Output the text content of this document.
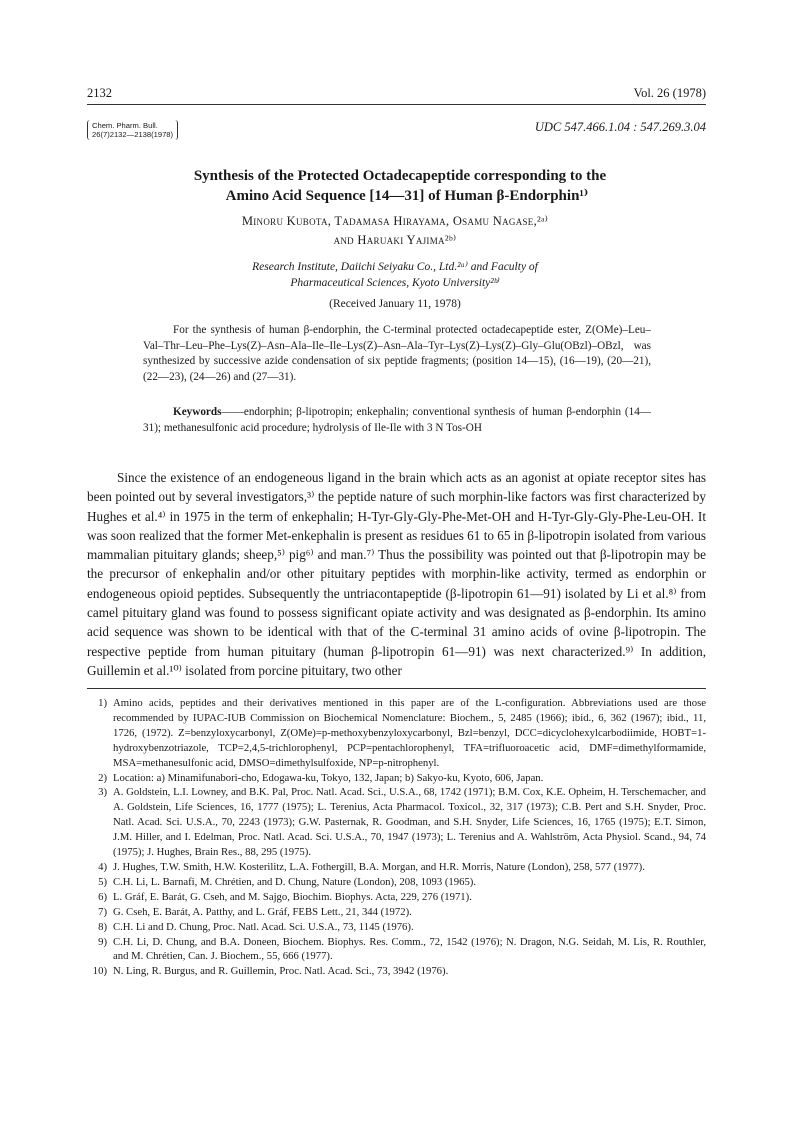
2132	Vol. 26 (1978)
Chem. Pharm. Bull.
26(7)2132—2138(1978)
UDC 547.466.1.04 : 547.269.3.04
Synthesis of the Protected Octadecapeptide corresponding to the
Amino Acid Sequence [14—31] of Human β-Endorphin¹⁾
Minoru Kubota, Tadamasa Hirayama, Osamu Nagase,²ᵃ⁾
and Haruaki Yajima²ᵇ⁾
Research Institute, Daiichi Seiyaku Co., Ltd.²ᵃ⁾ and Faculty of
Pharmaceutical Sciences, Kyoto University²ᵇ⁾
(Received January 11, 1978)

For the synthesis of human β-endorphin, the C-terminal protected octadecapeptide ester, Z(OMe)–Leu–Val–Thr–Leu–Phe–Lys(Z)–Asn–Ala–Ile–Ile–Lys(Z)–Asn–Ala–Tyr–Lys(Z)–Lys(Z)–Gly–Glu(OBzl)–OBzl, was synthesized by successive azide condensation of six peptide fragments; (position 14—15), (16—19), (20—21), (22—23), (24—26) and (27—31).

Keywords——endorphin; β-lipotropin; enkephalin; conventional synthesis of human β-endorphin (14—31); methanesulfonic acid procedure; hydrolysis of Ile-Ile with 3 N Tos-OH

Since the existence of an endogeneous ligand in the brain which acts as an agonist at opiate receptor sites has been pointed out by several investigators,³⁾ the peptide nature of such morphin-like factors was first characterized by Hughes et al.⁴⁾ in 1975 in the term of enkephalin; H-Tyr-Gly-Gly-Phe-Met-OH and H-Tyr-Gly-Gly-Phe-Leu-OH. It was soon realized that the former Met-enkephalin is present as residues 61 to 65 in β-lipotropin isolated from various mammalian pituitary glands; sheep,⁵⁾ pig⁶⁾ and man.⁷⁾ Thus the possibility was pointed out that β-lipotropin may be the precursor of enkephalin and/or other pituitary peptides with morphin-like activity, termed as endorphin or endogeneous opioid peptides. Subsequently the untriacontapeptide (β-lipotropin 61—91) isolated by Li et al.⁸⁾ from camel pituitary gland was found to possess significant opiate activity and was designated as β-endorphin. Its amino acid sequence was shown to be identical with that of the C-terminal 31 amino acids of ovine β-lipotropin. The respective peptide from human pituitary (human β-lipotropin 61—91) was next characterized.⁹⁾ In addition, Guillemin et al.¹⁰⁾ isolated from porcine pituitary, two other

1) Amino acids, peptides and their derivatives mentioned in this paper are of the L-configuration. Abbreviations used are those recommended by IUPAC-IUB Commission on Biochemical Nomenclature: Biochem., 5, 2485 (1966); ibid., 6, 362 (1967); ibid., 11, 1726, (1972). Z=benzyloxycarbonyl, Z(OMe)=p-methoxybenzyloxycarbonyl, Bzl=benzyl, DCC=dicyclohexylcarbodiimide, HOBT=1-hydroxybenzotriazole, TCP=2,4,5-trichlorophenyl, PCP=pentachlorophenyl, TFA=trifluoroacetic acid, DMF=dimethylformamide, MSA=methanesulfonic acid, DMSO=dimethylsulfoxide, NP=p-nitrophenyl.
2) Location: a) Minamifunabori-cho, Edogawa-ku, Tokyo, 132, Japan; b) Sakyo-ku, Kyoto, 606, Japan.
3) A. Goldstein, L.I. Lowney, and B.K. Pal, Proc. Natl. Acad. Sci., U.S.A., 68, 1742 (1971); B.M. Cox, K.E. Opheim, H. Terschemacher, and A. Goldstein, Life Sciences, 16, 1777 (1975); L. Terenius, Acta Pharmacol. Toxicol., 32, 317 (1973); C.B. Pert and S.H. Snyder, Proc. Natl. Acad. Sci. U.S.A., 70, 2243 (1973); G.W. Pasternak, R. Goodman, and S.H. Snyder, Life Sciences, 16, 1765 (1975); E.T. Simon, J.M. Hiller, and I. Edelman, Proc. Natl. Acad. Sci. U.S.A., 70, 1947 (1973); L. Terenius and A. Wahlström, Acta Physiol. Scand., 94, 74 (1975); J. Hughes, Brain Res., 88, 295 (1975).
4) J. Hughes, T.W. Smith, H.W. Kosterilitz, L.A. Fothergill, B.A. Morgan, and H.R. Morris, Nature (London), 258, 577 (1977).
5) C.H. Li, L. Barnafi, M. Chrétien, and D. Chung, Nature (London), 208, 1093 (1965).
6) L. Gráf, E. Barát, G. Cseh, and M. Sajgo, Biochim. Biophys. Acta, 229, 276 (1971).
7) G. Cseh, E. Barát, A. Patthy, and L. Gráf, FEBS Lett., 21, 344 (1972).
8) C.H. Li and D. Chung, Proc. Natl. Acad. Sci. U.S.A., 73, 1145 (1976).
9) C.H. Li, D. Chung, and B.A. Doneen, Biochem. Biophys. Res. Comm., 72, 1542 (1976); N. Dragon, N.G. Seidah, M. Lis, R. Routhler, and M. Chrétien, Can. J. Biochem., 55, 666 (1977).
10) N. Ling, R. Burgus, and R. Guillemin, Proc. Natl. Acad. Sci., 73, 3942 (1976).
